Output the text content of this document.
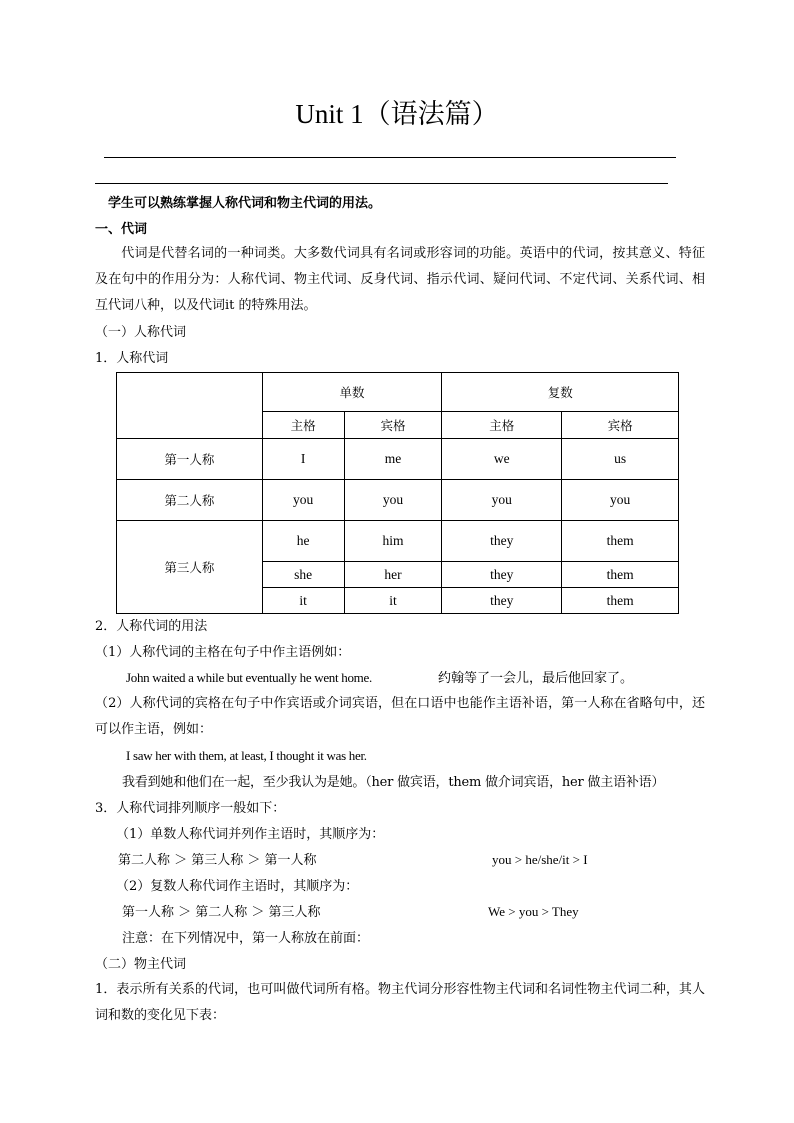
Unit 1（语法篇）
学生可以熟练掌握人称代词和物主代词的用法。
一、代词
代词是代替名词的一种词类。大多数代词具有名词或形容词的功能。英语中的代词，按其意义、特征及在句中的作用分为：人称代词、物主代词、反身代词、指示代词、疑问代词、不定代词、关系代词、相互代词八种，以及代词it 的特殊用法。
（一）人称代词
1．人称代词
	单数		复数	
	主格	宾格	主格	宾格
第一人称	I	me	we	us
第二人称	you	you	you	you
第三人称	he	him	they	them
	she	her	they	them
	it	it	they	them
2．人称代词的用法
（1）人称代词的主格在句子中作主语例如：
John waited a while but eventually he went home.	约翰等了一会儿，最后他回家了。
（2）人称代词的宾格在句子中作宾语或介词宾语，但在口语中也能作主语补语，第一人称在省略句中，还可以作主语，例如：
I saw her with them, at least, I thought it was her.
我看到她和他们在一起，至少我认为是她。（her 做宾语，them 做介词宾语，her 做主语补语）
3．人称代词排列顺序一般如下：
（1）单数人称代词并列作主语时，其顺序为：
第二人称 ＞ 第三人称 ＞ 第一人称	you > he/she/it > I
（2）复数人称代词作主语时，其顺序为：
第一人称 ＞ 第二人称 ＞ 第三人称	We > you > They
注意：在下列情况中，第一人称放在前面：
（二）物主代词
1．表示所有关系的代词，也可叫做代词所有格。物主代词分形容性物主代词和名词性物主代词二种，其人词和数的变化见下表：
